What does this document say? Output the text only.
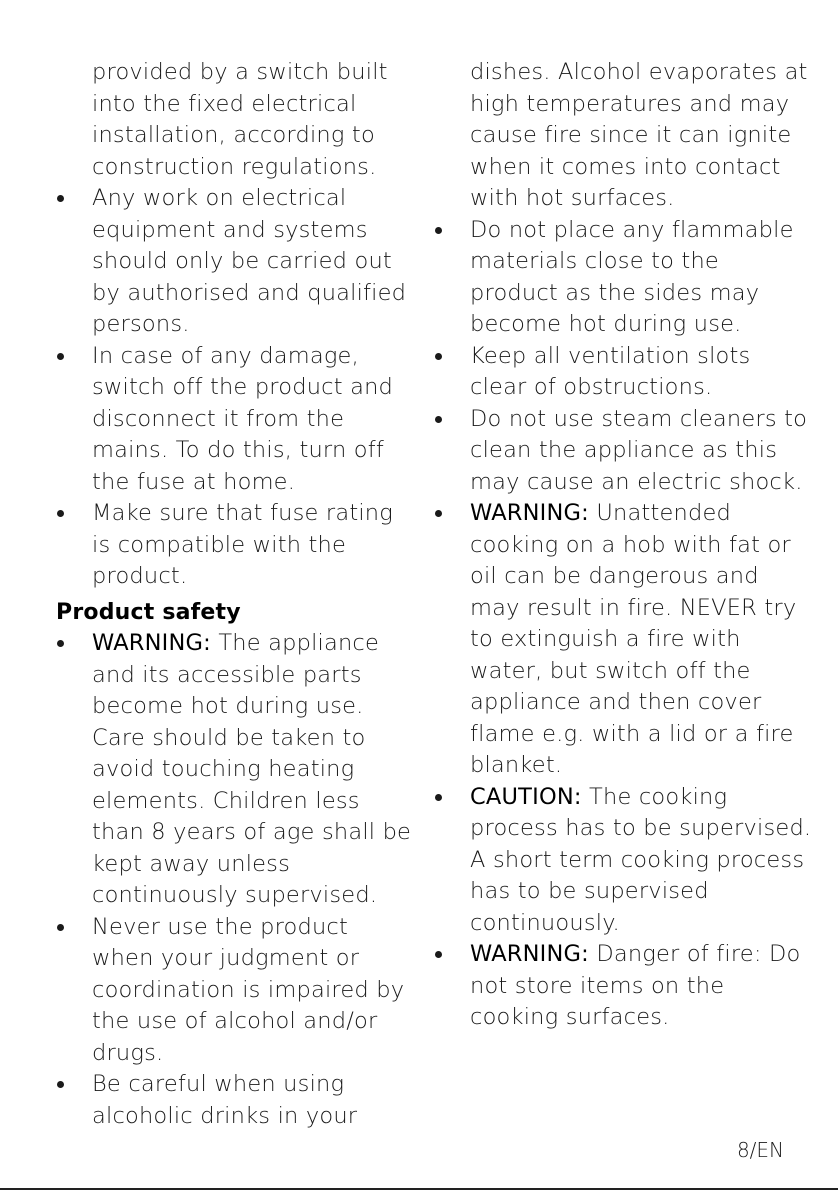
provided by a switch built into the fixed electrical installation, according to construction regulations.
Any work on electrical equipment and systems should only be carried out by authorised and qualified persons.
In case of any damage, switch off the product and disconnect it from the mains. To do this, turn off the fuse at home.
Make sure that fuse rating is compatible with the product.
Product safety
WARNING: The appliance and its accessible parts become hot during use. Care should be taken to avoid touching heating elements. Children less than 8 years of age shall be kept away unless continuously supervised.
Never use the product when your judgment or coordination is impaired by the use of alcohol and/or drugs.
Be careful when using alcoholic drinks in your
dishes. Alcohol evaporates at high temperatures and may cause fire since it can ignite when it comes into contact with hot surfaces.
Do not place any flammable materials close to the product as the sides may become hot during use.
Keep all ventilation slots clear of obstructions.
Do not use steam cleaners to clean the appliance as this may cause an electric shock.
WARNING: Unattended cooking on a hob with fat or oil can be dangerous and may result in fire. NEVER try to extinguish a fire with water, but switch off the appliance and then cover flame e.g. with a lid or a fire blanket.
CAUTION: The cooking process has to be supervised. A short term cooking process has to be supervised continuously.
WARNING: Danger of fire: Do not store items on the cooking surfaces.
8/EN
